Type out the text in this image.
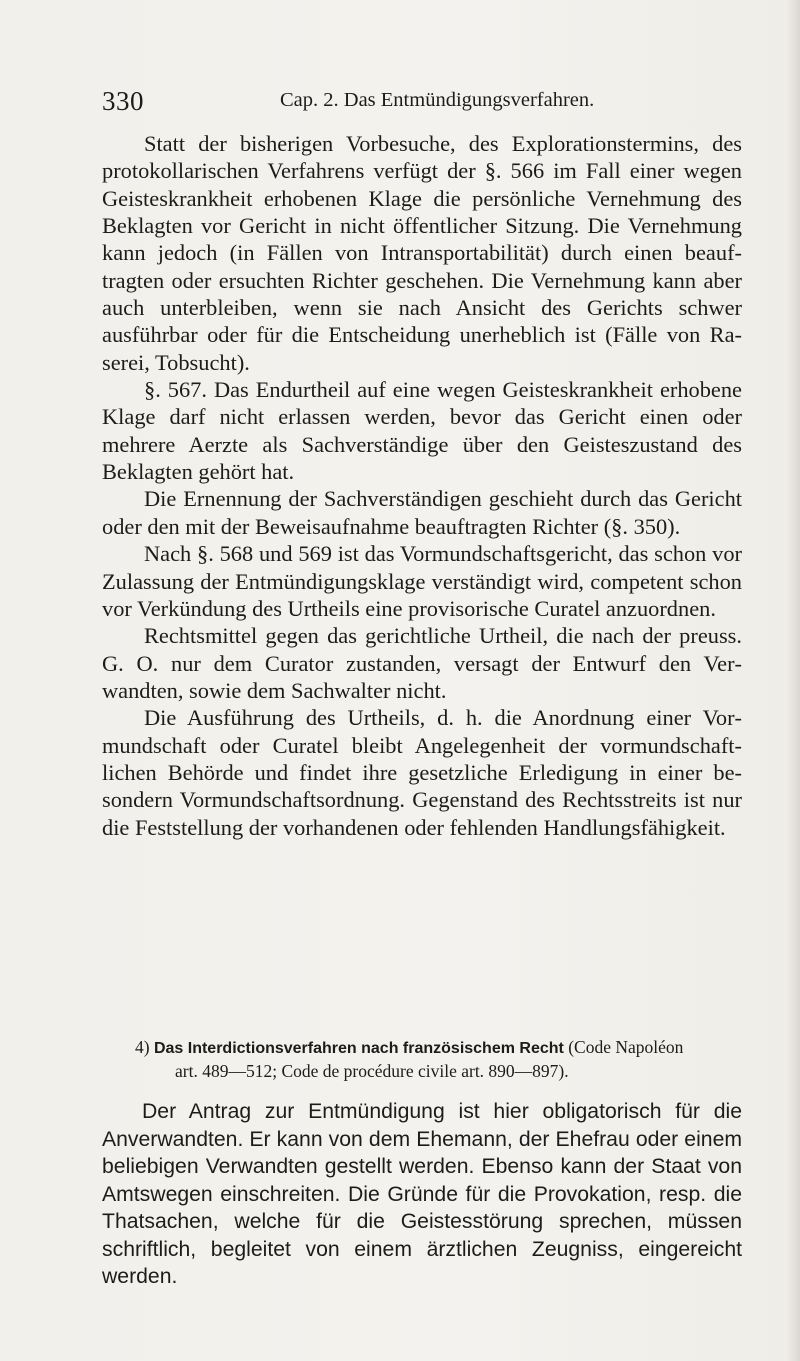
330	Cap. 2. Das Entmündigungsverfahren.

Statt der bisherigen Vorbesuche, des Explorationstermins, des protokollarischen Verfahrens verfügt der §. 566 im Fall einer wegen Geisteskrankheit erhobenen Klage die persönliche Vernehmung des Beklagten vor Gericht in nicht öffentlicher Sitzung. Die Vernehmung kann jedoch (in Fällen von Intransportabilität) durch einen beauftragten oder ersuchten Richter geschehen. Die Vernehmung kann aber auch unterbleiben, wenn sie nach Ansicht des Gerichts schwer ausführbar oder für die Entscheidung unerheblich ist (Fälle von Raserei, Tobsucht).

§. 567. Das Endurtheil auf eine wegen Geisteskrankheit erhobene Klage darf nicht erlassen werden, bevor das Gericht einen oder mehrere Aerzte als Sachverständige über den Geisteszustand des Beklagten gehört hat.

Die Ernennung der Sachverständigen geschieht durch das Gericht oder den mit der Beweisaufnahme beauftragten Richter (§. 350).

Nach §. 568 und 569 ist das Vormundschaftsgericht, das schon vor Zulassung der Entmündigungsklage verständigt wird, competent schon vor Verkündung des Urtheils eine provisorische Curatel anzuordnen.

Rechtsmittel gegen das gerichtliche Urtheil, die nach der preuss. G. O. nur dem Curator zustanden, versagt der Entwurf den Verwandten, sowie dem Sachwalter nicht.

Die Ausführung des Urtheils, d. h. die Anordnung einer Vormundschaft oder Curatel bleibt Angelegenheit der vormundschaftlichen Behörde und findet ihre gesetzliche Erledigung in einer besondern Vormundschaftsordnung. Gegenstand des Rechtsstreits ist nur die Feststellung der vorhandenen oder fehlenden Handlungsfähigkeit.

4) Das Interdictionsverfahren nach französischem Recht (Code Napoléon
art. 489—512; Code de procédure civile art. 890—897).

Der Antrag zur Entmündigung ist hier obligatorisch für die Anverwandten. Er kann von dem Ehemann, der Ehefrau oder einem beliebigen Verwandten gestellt werden. Ebenso kann der Staat von Amtswegen einschreiten. Die Gründe für die Provokation, resp. die Thatsachen, welche für die Geistesstörung sprechen, müssen schriftlich, begleitet von einem ärztlichen Zeugniss, eingereicht werden.
